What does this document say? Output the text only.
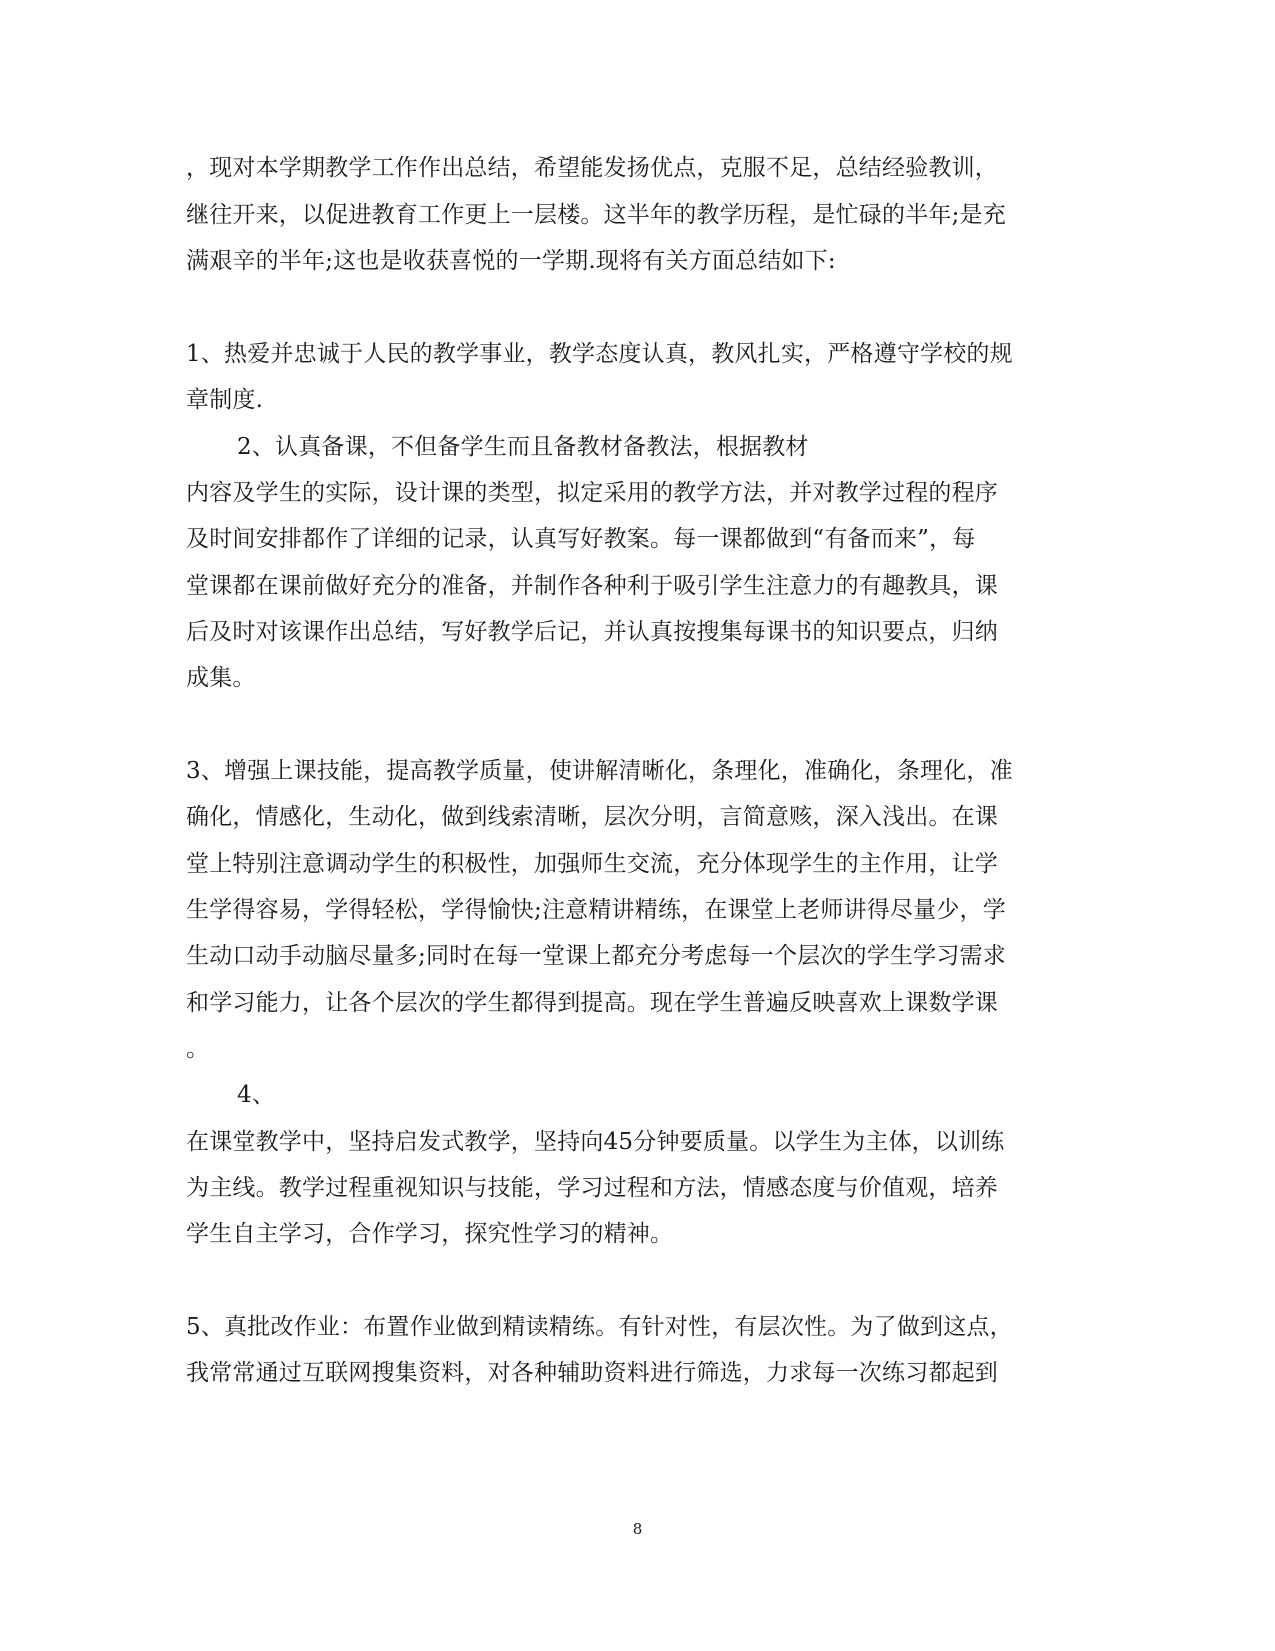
，现对本学期教学工作作出总结，希望能发扬优点，克服不足，总结经验教训，
继往开来，以促进教育工作更上一层楼。这半年的教学历程，是忙碌的半年;是充
满艰辛的半年;这也是收获喜悦的一学期.现将有关方面总结如下:
1、热爱并忠诚于人民的教学事业，教学态度认真，教风扎实，严格遵守学校的规
章制度.
2、认真备课，不但备学生而且备教材备教法，根据教材
内容及学生的实际，设计课的类型，拟定采用的教学方法，并对教学过程的程序
及时间安排都作了详细的记录，认真写好教案。每一课都做到“有备而来”，每
堂课都在课前做好充分的准备，并制作各种利于吸引学生注意力的有趣教具，课
后及时对该课作出总结，写好教学后记，并认真按搜集每课书的知识要点，归纳
成集。
3、增强上课技能，提高教学质量，使讲解清晰化，条理化，准确化，条理化，准
确化，情感化，生动化，做到线索清晰，层次分明，言简意赅，深入浅出。在课
堂上特别注意调动学生的积极性，加强师生交流，充分体现学生的主作用，让学
生学得容易，学得轻松，学得愉快;注意精讲精练，在课堂上老师讲得尽量少，学
生动口动手动脑尽量多;同时在每一堂课上都充分考虑每一个层次的学生学习需求
和学习能力，让各个层次的学生都得到提高。现在学生普遍反映喜欢上课数学课
。
4、
在课堂教学中，坚持启发式教学，坚持向45分钟要质量。以学生为主体，以训练
为主线。教学过程重视知识与技能，学习过程和方法，情感态度与价值观，培养
学生自主学习，合作学习，探究性学习的精神。
5、真批改作业：布置作业做到精读精练。有针对性，有层次性。为了做到这点，
我常常通过互联网搜集资料，对各种辅助资料进行筛选，力求每一次练习都起到
8
